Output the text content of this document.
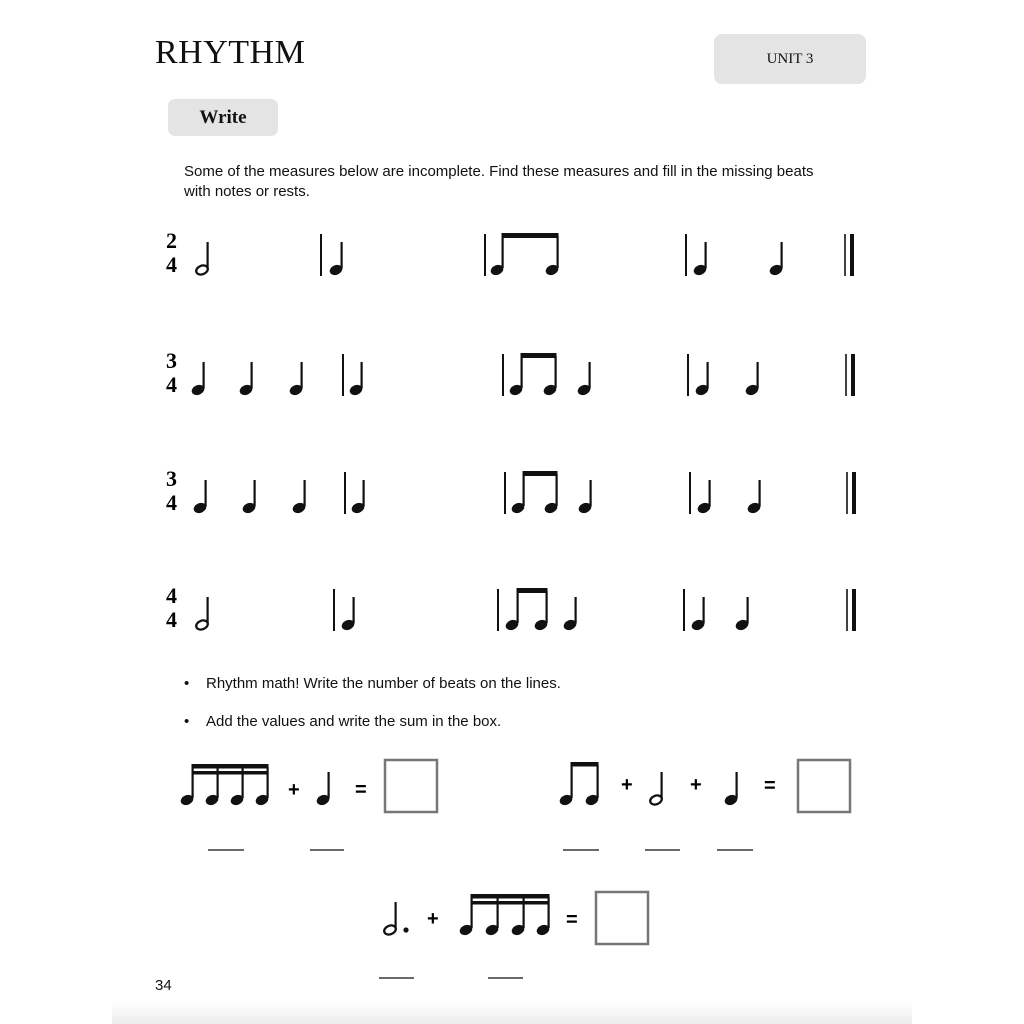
RHYTHM	UNIT 3
Write
Some of the measures below are incomplete. Find these measures and fill in the missing beats with notes or rests.
2
4
3
4
3
4
4
4
+	=	+	+	=
+	=
• Rhythm math! Write the number of beats on the lines.
• Add the values and write the sum in the box.
34
